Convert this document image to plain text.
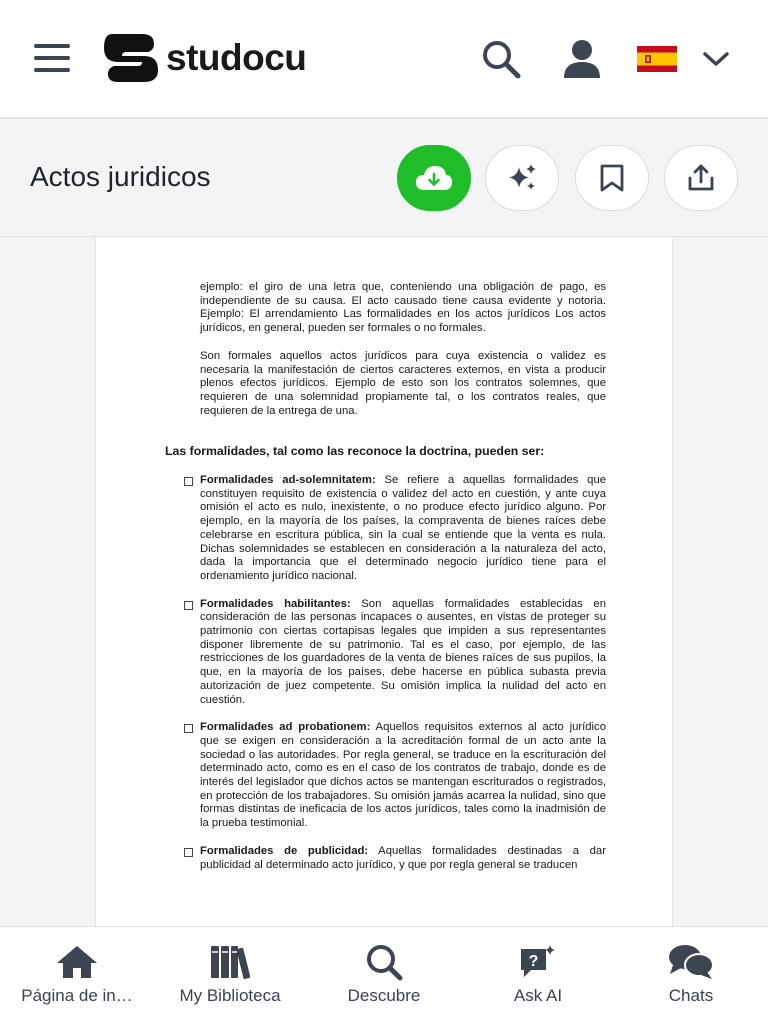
studocu
Actos juridicos

ejemplo: el giro de una letra que, conteniendo una obligación de pago, es independiente de su causa. El acto causado tiene causa evidente y notoria. Ejemplo: El arrendamiento Las formalidades en los actos jurídicos Los actos jurídicos, en general, pueden ser formales o no formales.

Son formales aquellos actos jurídicos para cuya existencia o validez es necesaria la manifestación de ciertos caracteres externos, en vista a producir plenos efectos jurídicos. Ejemplo de esto son los contratos solemnes, que requieren de una solemnidad propiamente tal, o los contratos reales, que requieren de la entrega de una.

Las formalidades, tal como las reconoce la doctrina, pueden ser:
Formalidades ad-solemnitatem: Se refiere a aquellas formalidades que constituyen requisito de existencia o validez del acto en cuestión, y ante cuya omisión el acto es nulo, inexistente, o no produce efecto jurídico alguno. Por ejemplo, en la mayoría de los países, la compraventa de bienes raíces debe celebrarse en escritura pública, sin la cual se entiende que la venta es nula. Dichas solemnidades se establecen en consideración a la naturaleza del acto, dada la importancia que el determinado negocio jurídico tiene para el ordenamiento jurídico nacional.
Formalidades habilitantes: Son aquellas formalidades establecidas en consideración de las personas incapaces o ausentes, en vistas de proteger su patrimonio con ciertas cortapisas legales que impiden a sus representantes disponer libremente de su patrimonio. Tal es el caso, por ejemplo, de las restricciones de los guardadores de la venta de bienes raíces de sus pupilos, la que, en la mayoría de los países, debe hacerse en pública subasta previa autorización de juez competente. Su omisión implica la nulidad del acto en cuestión.
Formalidades ad probationem: Aquellos requisitos externos al acto jurídico que se exigen en consideración a la acreditación formal de un acto ante la sociedad o las autoridades. Por regla general, se traduce en la escrituración del determinado acto, como es en el caso de los contratos de trabajo, donde es de interés del legislador que dichos actos se mantengan escriturados o registrados, en protección de los trabajadores. Su omisión jamás acarrea la nulidad, sino que formas distintas de ineficacia de los actos jurídicos, tales como la inadmisión de la prueba testimonial.
Formalidades de publicidad: Aquellas formalidades destinadas a dar publicidad al determinado acto jurídico, y que por regla general se traducen
Página de in…	My Biblioteca	Descubre
?
Ask AI	Chats
